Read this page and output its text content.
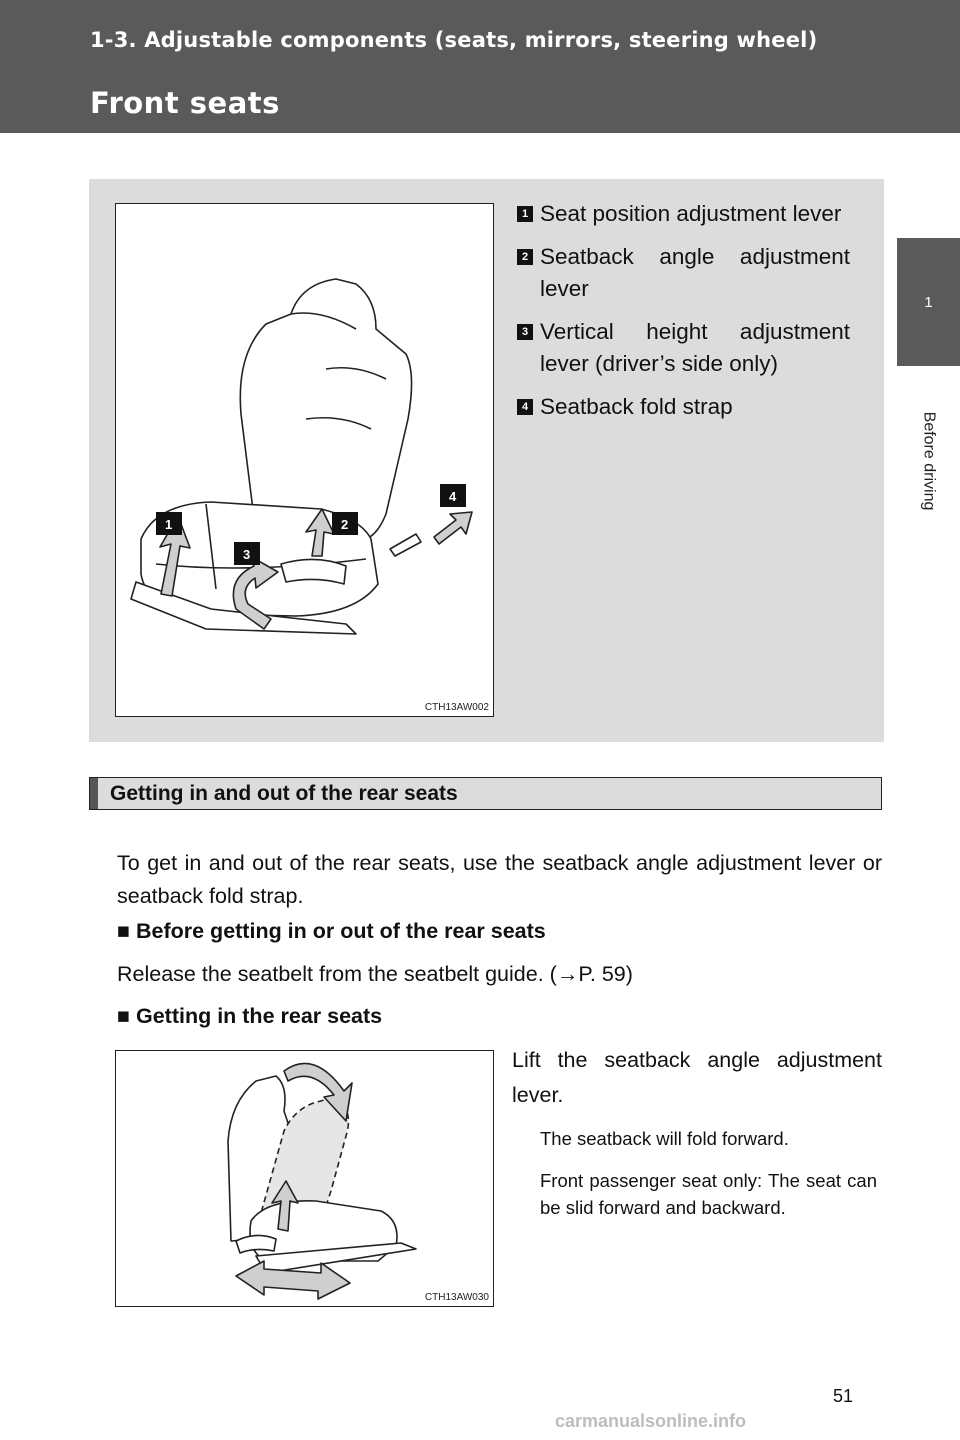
1-3. Adjustable components (seats, mirrors, steering wheel)
Front seats
1
Before driving
1	2
3
4
CTH13AW002
1 Seat position adjustment lever
2 Seatback angle adjustment lever
3 Vertical height adjustment lever (driver’s side only)
4 Seatback fold strap
Getting in and out of the rear seats
To get in and out of the rear seats, use the seatback angle adjustment lever or seatback fold strap.
■ Before getting in or out of the rear seats
Release the seatbelt from the seatbelt guide. (→P. 59)
■ Getting in the rear seats
CTH13AW030
Lift the seatback angle adjustment lever.
The seatback will fold forward.
Front passenger seat only: The seat can be slid forward and backward.
51
carmanualsonline.info
